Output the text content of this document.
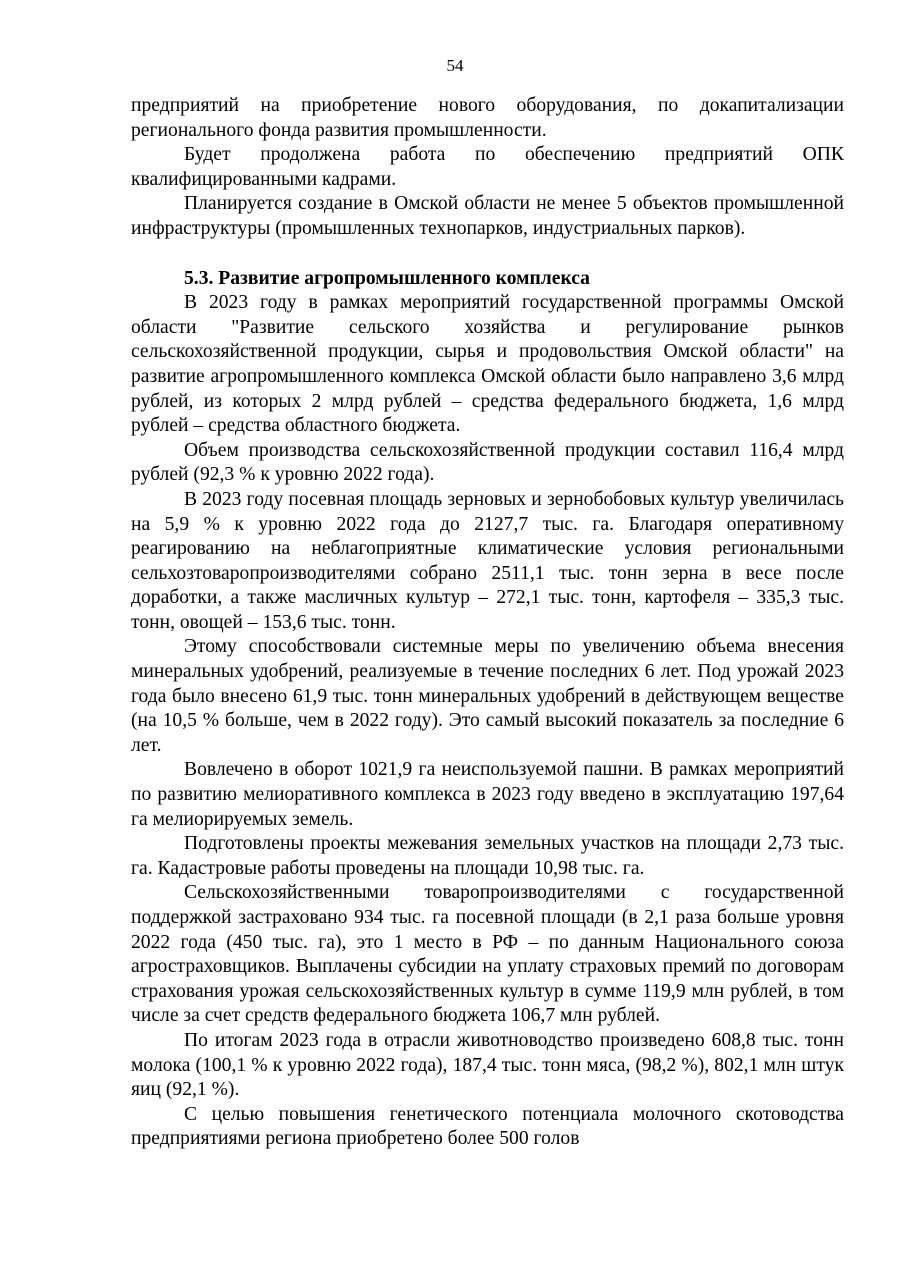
54

предприятий на приобретение нового оборудования, по докапитализации регионального фонда развития промышленности.

Будет продолжена работа по обеспечению предприятий ОПК квалифицированными кадрами.

Планируется создание в Омской области не менее 5 объектов промышленной инфраструктуры (промышленных технопарков, индустриальных парков).

5.3. Развитие агропромышленного комплекса

В 2023 году в рамках мероприятий государственной программы Омской области "Развитие сельского хозяйства и регулирование рынков сельскохозяйственной продукции, сырья и продовольствия Омской области" на развитие агропромышленного комплекса Омской области было направлено 3,6 млрд рублей, из которых 2 млрд рублей – средства федерального бюджета, 1,6 млрд рублей – средства областного бюджета.

Объем производства сельскохозяйственной продукции составил 116,4 млрд рублей (92,3 % к уровню 2022 года).

В 2023 году посевная площадь зерновых и зернобобовых культур увеличилась на 5,9 % к уровню 2022 года до 2127,7 тыс. га. Благодаря оперативному реагированию на неблагоприятные климатические условия региональными сельхозтоваропроизводителями собрано 2511,1 тыс. тонн зерна в весе после доработки, а также масличных культур – 272,1 тыс. тонн, картофеля – 335,3 тыс. тонн, овощей – 153,6 тыс. тонн.

Этому способствовали системные меры по увеличению объема внесения минеральных удобрений, реализуемые в течение последних 6 лет. Под урожай 2023 года было внесено 61,9 тыс. тонн минеральных удобрений в действующем веществе (на 10,5 % больше, чем в 2022 году). Это самый высокий показатель за последние 6 лет.

Вовлечено в оборот 1021,9 га неиспользуемой пашни. В рамках мероприятий по развитию мелиоративного комплекса в 2023 году введено в эксплуатацию 197,64 га мелиорируемых земель.

Подготовлены проекты межевания земельных участков на площади 2,73 тыс. га. Кадастровые работы проведены на площади 10,98 тыс. га.

Сельскохозяйственными товаропроизводителями с государственной поддержкой застраховано 934 тыс. га посевной площади (в 2,1 раза больше уровня 2022 года (450 тыс. га), это 1 место в РФ – по данным Национального союза агростраховщиков. Выплачены субсидии на уплату страховых премий по договорам страхования урожая сельскохозяйственных культур в сумме 119,9 млн рублей, в том числе за счет средств федерального бюджета 106,7 млн рублей.

По итогам 2023 года в отрасли животноводство произведено 608,8 тыс. тонн молока (100,1 % к уровню 2022 года), 187,4 тыс. тонн мяса, (98,2 %), 802,1 млн штук яиц (92,1 %).

С целью повышения генетического потенциала молочного скотоводства предприятиями региона приобретено более 500 голов
